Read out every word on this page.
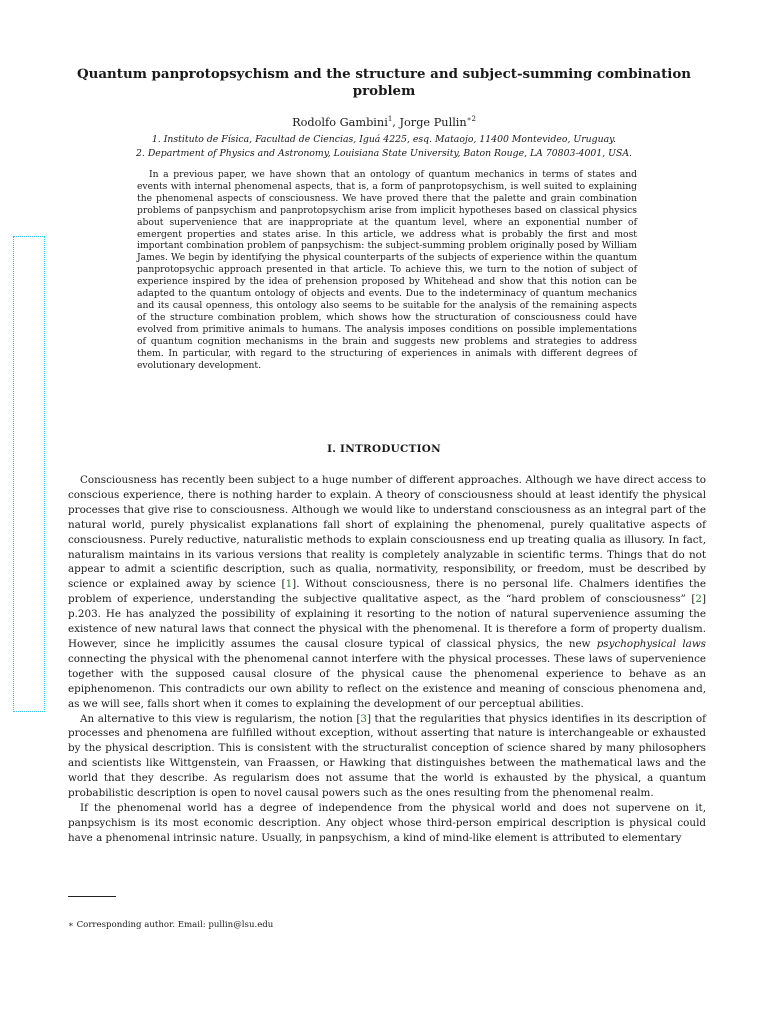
Quantum panprotopsychism and the structure and subject-summing combination
problem
Rodolfo Gambini$^1$, Jorge Pullin$^{∗2}$
1. Instituto de Física, Facultad de Ciencias, Iguá 4225, esq. Mataojo, 11400 Montevideo, Uruguay.
2. Department of Physics and Astronomy, Louisiana State University, Baton Rouge, LA 70803-4001, USA.

In a previous paper, we have shown that an ontology of quantum mechanics in terms of states and events with internal phenomenal aspects, that is, a form of panprotopsychism, is well suited to explaining the phenomenal aspects of consciousness. We have proved there that the palette and grain combination problems of panpsychism and panprotopsychism arise from implicit hypotheses based on classical physics about supervenience that are inappropriate at the quantum level, where an exponential number of emergent properties and states arise. In this article, we address what is probably the first and most important combination problem of panpsychism: the subject-summing problem originally posed by William James. We begin by identifying the physical counterparts of the subjects of experience within the quantum panprotopsychic approach presented in that article. To achieve this, we turn to the notion of subject of experience inspired by the idea of prehension proposed by Whitehead and show that this notion can be adapted to the quantum ontology of objects and events. Due to the indeterminacy of quantum mechanics and its causal openness, this ontology also seems to be suitable for the analysis of the remaining aspects of the structure combination problem, which shows how the structuration of consciousness could have evolved from primitive animals to humans. The analysis imposes conditions on possible implementations of quantum cognition mechanisms in the brain and suggests new problems and strategies to address them. In particular, with regard to the structuring of experiences in animals with different degrees of evolutionary development.

I. INTRODUCTION

Consciousness has recently been subject to a huge number of different approaches. Although we have direct access to conscious experience, there is nothing harder to explain. A theory of consciousness should at least identify the physical processes that give rise to consciousness. Although we would like to understand consciousness as an integral part of the natural world, purely physicalist explanations fall short of explaining the phenomenal, purely qualitative aspects of consciousness. Purely reductive, naturalistic methods to explain consciousness end up treating qualia as illusory. In fact, naturalism maintains in its various versions that reality is completely analyzable in scientific terms. Things that do not appear to admit a scientific description, such as qualia, normativity, responsibility, or freedom, must be described by science or explained away by science [1]. Without consciousness, there is no personal life. Chalmers identifies the problem of experience, understanding the subjective qualitative aspect, as the “hard problem of consciousness” [2] p.203. He has analyzed the possibility of explaining it resorting to the notion of natural supervenience assuming the existence of new natural laws that connect the physical with the phenomenal. It is therefore a form of property dualism. However, since he implicitly assumes the causal closure typical of classical physics, the new psychophysical laws connecting the physical with the phenomenal cannot interfere with the physical processes. These laws of supervenience together with the supposed causal closure of the physical cause the phenomenal experience to behave as an epiphenomenon. This contradicts our own ability to reflect on the existence and meaning of conscious phenomena and, as we will see, falls short when it comes to explaining the development of our perceptual abilities.

An alternative to this view is regularism, the notion [3] that the regularities that physics identifies in its description of processes and phenomena are fulfilled without exception, without asserting that nature is interchangeable or exhausted by the physical description. This is consistent with the structuralist conception of science shared by many philosophers and scientists like Wittgenstein, van Fraassen, or Hawking that distinguishes between the mathematical laws and the world that they describe. As regularism does not assume that the world is exhausted by the physical, a quantum probabilistic description is open to novel causal powers such as the ones resulting from the phenomenal realm.

If the phenomenal world has a degree of independence from the physical world and does not supervene on it, panpsychism is its most economic description. Any object whose third-person empirical description is physical could have a phenomenal intrinsic nature. Usually, in panpsychism, a kind of mind-like element is attributed to elementary

∗ Corresponding author. Email: pullin@lsu.edu
